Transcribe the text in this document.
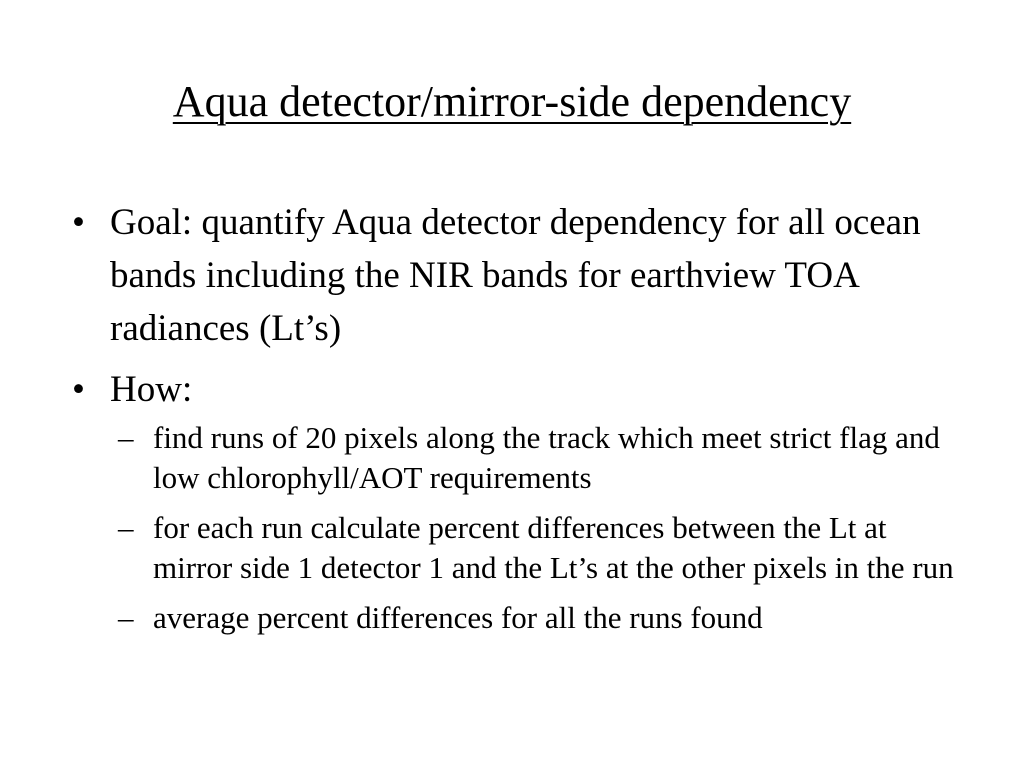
Aqua detector/mirror-side dependency
• Goal: quantify Aqua detector dependency for all ocean bands including the NIR bands for earthview TOA radiances (Lt’s)
• How:
– find runs of 20 pixels along the track which meet strict flag and low chlorophyll/AOT requirements
– for each run calculate percent differences between the Lt at mirror side 1 detector 1 and the Lt’s at the other pixels in the run
– average percent differences for all the runs found
